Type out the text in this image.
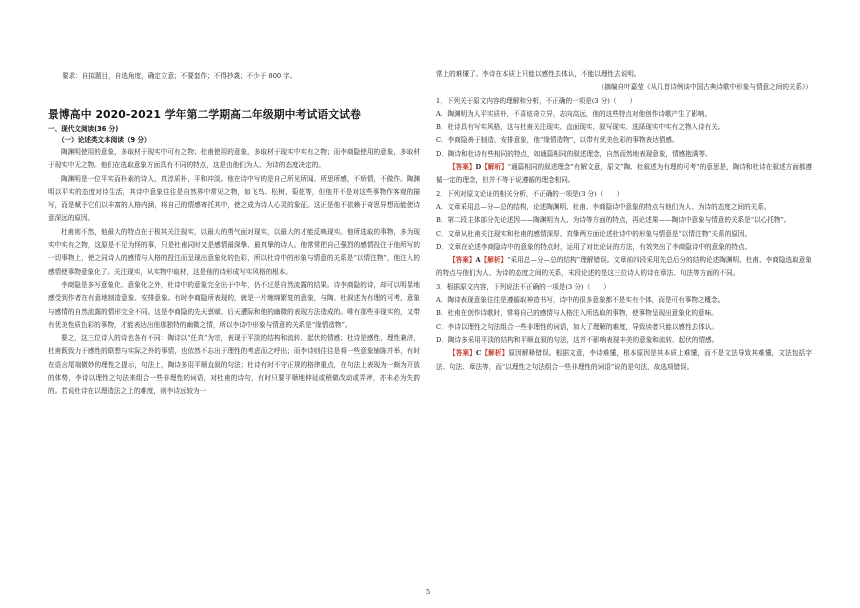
要求：自拟题目，自选角度，确定立意；不要套作；不得抄袭；不少于 800 字。
景博高中 2020-2021 学年第二学期高二年级期中考试语文试卷
一、现代文阅读(36 分)
（一）论述类文本阅读（9 分）

陶渊明使用的意象，多取材于现实中可有之物；杜甫使用的意象，多取材于现实中实有之物；而李商隐使用的意象，多取材于现实中无之物。他们在选取意象方面具有不同的特点，这是由他们为人、为诗的态度决定的。

陶渊明是一位平实而朴素的诗人，真淳质朴，平和冲淡。他在诗中写的是自己所见所闻、所思所感，不矫情，不做作。陶渊明以平实的态度对待生活，其诗中意象往往是自然界中常见之物，如飞鸟、松树、菊花等，但他并不是对这些事物作客观的描写，而是赋予它们以丰富的人格内涵，将自己的情感寄托其中，使之成为诗人心灵的象征。这正是他不依赖于奇思异想而能使诗意深远的原因。

杜甫则不然，他最大的特点在于极其关注现实，以最大的勇气面对现实，以最大的才能反映现实。他所选取的事物，多为现实中实有之物，这原是不足为怪的事，只是杜甫同时又是感情最深挚、最真挚的诗人。他常常把自己强烈的感情投注于他所写的一切事物上，使之同诗人的感情与人格的投注而呈现出意象化的色彩，所以杜诗中的形象与情意的关系是“以情注物”，他注入的感情使事物意象化了。关注现实，从实物中取材，这是他的诗形成写实风格的根本。

李商隐是多写意象化、意象化之外，杜诗中的意象完全出于中年，仍不过是自然流露的结果。诗李商隐的诗，却可以明显地感受到作者在有意地制造意象、安排意象。有时李商隐所表现的，就是一片缠绵繁复的意象，与陶、杜叙述为有理的可考，意象与感情的自然流露的情形完全不同。这是李商隐的先天禀赋、后天遭际和他的幽微的表现方法造成的。唯有那些非现实的，又带有优美性质色彩的事物，才能表达出他那独特的幽微之情，所以李诗中形象与情意的关系是“缘情造物”。

要之，这三位诗人的诗也各有不同：陶诗以“任真”为宗，表现于平淡的结构和流转、起伏的情感；杜诗是感性、理性兼济，杜甫既致力于感性的联想与实际之外的事情，也依然不忘出于理性的考虑而之呼出；而李诗则往往是将一些意象铺陈并举，有时在语言尾端微妙的理性之提示，句法上，陶诗多用平顺直叙的句法；杜诗有时不守正规的格律重点，在句法上表现为一颇为开放的体势，李诗以理性之句法来组合一些非理性的词语，对杜甫的诗句，有时只要平顺地伸延或稍做改动或弄斧，亦未必为失韵的。若说杜诗在以理造法之上的难度，则李诗远较为一

常上的难懂了。李诗在本质上只能以感性去体认，不能以理性去说明。

（摘编自叶嘉莹《从几首诗例谈中国古典诗歌中形象与情意之间的关系》）

1．下列关于原文内容的理解和分析，不正确的一项是(3 分)（　　）

A．陶渊明为人平实质朴，不喜炫奇立异，志向高远，他的这些特点对他创作诗歌产生了影响。

B．杜诗具有写实风格，这与杜甫关注现实、直面现实、叙写现实、选择现实中实有之物入诗有关。

C．李商隐善于制造、安排意象，他“缘情造物”，以带有优美色彩的事物表达情感。

D．陶诗和杜诗有些相同的特点，如通篇相同的叙述理念，自然而然地表现意象，情感抱满等。

【答案】D【解析】“通篇相同的叙述理念”有解文意，原文“陶、杜叙述为有理的可考”的意思是，陶诗和杜诗在叙述方面都遵循一定的理念，但并不等于说遵循的理念相同。

2．下列对原文论证的相关分析，不正确的一项是(3 分)（　　）

A．文章采用总—分—总的结构，论述陶渊明、杜甫、李商隐诗中意象的特点与他们为人、为诗的态度之间的关系。

B．第二段主体部分先论述因——陶渊明为人、为诗等方面的特点，再论述果——陶诗中意象与情意的关系是“以心托物”。

C．文章从杜甫关注现实和杜甫的感情深厚、真挚两方面论述杜诗中的形象与情意是“以情注物”关系的原因。

D．文章在论述李商隐诗中的意象的特点时，运用了对比论证的方法，有效突出了李商隐诗中的意象的特点。

【答案】A【解析】“采用总—分—总的结构”理解错误。文章前四段采用先总后分的结构论述陶渊明、杜甫、李商隐选取意象的特点与他们为人、为诗的态度之间的关系，末段论述的是这三位诗人的诗在章法、句法等方面的不同。

3．根据原文内容，下列说法不正确的一项是(3 分)（　　）

A．陶诗表现意象往往是遵循取神造书写，诗中的很多意象都不是实有个体，而是可有事物之概念。

B．杜甫在创作诗歌时，常将自己的感情与人格注入所选取的事物，使事物呈现出意象化的意味。

C．李诗以理性之句法组合一些非理性的词语，加大了理解的难度，导致读者只能以感性去体认。

D．陶诗多采用平淡的结构和平顺直叙的句法，这并不影响表现丰美的意象和流转、起伏的情感。

【答案】C【解析】原因解释错误。根据文意，李诗难懂，根本原因是其本质上难懂，而不是文法导致其难懂，文法包括字法、句法、章法等，而“以理性之句法组合一些非理性的词语”说的是句法，故选项错误。

5
